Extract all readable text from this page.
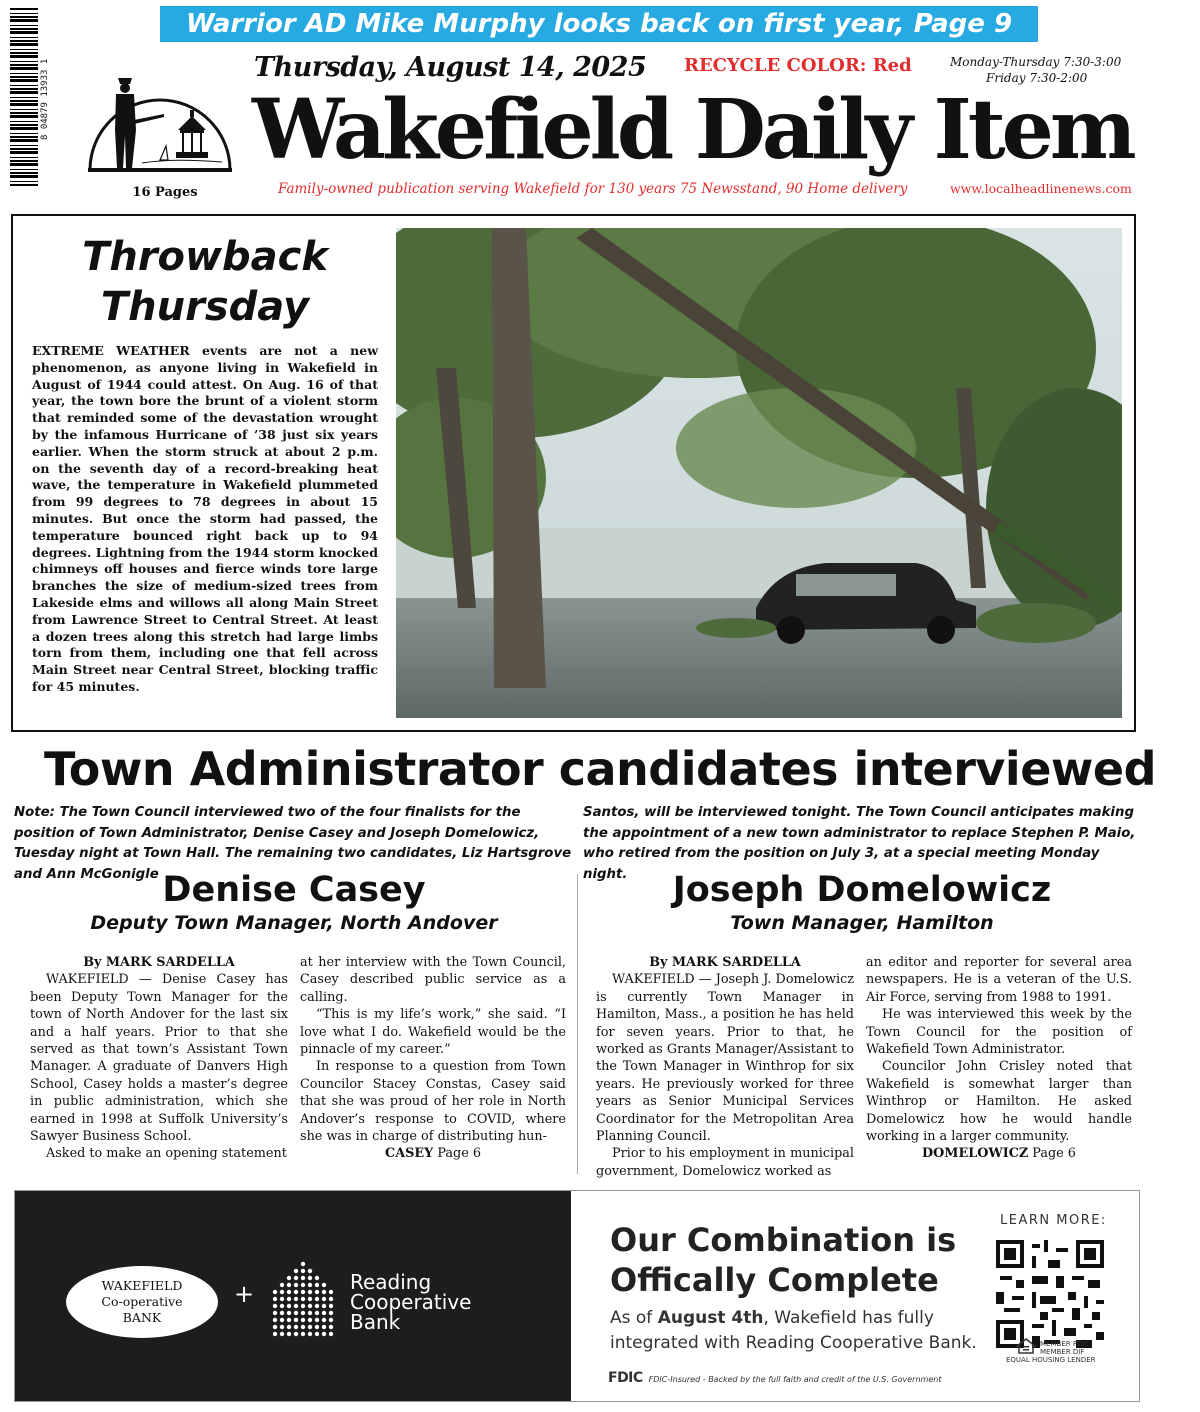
Warrior AD Mike Murphy looks back on first year, Page 9
8 04879 13933 1
16 Pages
Thursday, August 14, 2025 RECYCLE COLOR: Red	Monday-Thursday 7:30-3:00
Friday 7:30-2:00
Wakefield Daily Item
Family-owned publication serving Wakefield for 130 years 75 Newsstand, 90 Home delivery	www.localheadlinenews.com
Throwback
Thursday
EXTREME WEATHER events are not a new phenomenon, as anyone living in Wakefield in August of 1944 could attest. On Aug. 16 of that year, the town bore the brunt of a violent storm that reminded some of the devastation wrought by the infamous Hurricane of ’38 just six years earlier. When the storm struck at about 2 p.m. on the seventh day of a record-breaking heat wave, the temperature in Wakefield plummeted from 99 degrees to 78 degrees in about 15 minutes. But once the storm had passed, the temperature bounced right back up to 94 degrees. Lightning from the 1944 storm knocked chimneys off houses and fierce winds tore large branches the size of medium-sized trees from Lakeside elms and willows all along Main Street from Lawrence Street to Central Street. At least a dozen trees along this stretch had large limbs torn from them, including one that fell across Main Street near Central Street, blocking traffic for 45 minutes.
Town Administrator candidates interviewed
Note: The Town Council interviewed two of the four finalists for the position of Town Administrator, Denise Casey and Joseph Domelowicz, Tuesday night at Town Hall. The remaining two candidates, Liz Hartsgrove and Ann McGonigle
Santos, will be interviewed tonight. The Town Council anticipates making the appointment of a new town administrator to replace Stephen P. Maio, who retired from the position on July 3, at a special meeting Monday night.
Denise Casey
Deputy Town Manager, North Andover
By MARK SARDELLA

WAKEFIELD — Denise Casey has been Deputy Town Manager for the town of North Andover for the last six and a half years. Prior to that she served as that town’s Assistant Town Manager. A graduate of Danvers High School, Casey holds a master’s degree in public administration, which she earned in 1998 at Suffolk University’s Sawyer Business School.

Asked to make an opening statement

at her interview with the Town Council, Casey described public service as a calling.

“This is my life’s work,” she said. “I love what I do. Wakefield would be the pinnacle of my career.”

In response to a question from Town Councilor Stacey Constas, Casey said that she was proud of her role in North Andover’s response to COVID, where she was in charge of distributing hun-

CASEY Page 6
Joseph Domelowicz
Town Manager, Hamilton
By MARK SARDELLA

WAKEFIELD — Joseph J. Domelowicz is currently Town Manager in Hamilton, Mass., a position he has held for seven years. Prior to that, he worked as Grants Manager/Assistant to the Town Manager in Winthrop for six years. He previously worked for three years as Senior Municipal Services Coordinator for the Metropolitan Area Planning Council.

Prior to his employment in municipal government, Domelowicz worked as

an editor and reporter for several area newspapers. He is a veteran of the U.S. Air Force, serving from 1988 to 1991.

He was interviewed this week by the Town Council for the position of Wakefield Town Administrator.

Councilor John Crisley noted that Wakefield is somewhat larger than Winthrop or Hamilton. He asked Domelowicz how he would handle working in a larger community.

DOMELOWICZ Page 6
WAKEFIELD
Co-operative
BANK
+	Reading
Cooperative
Bank
Our Combination is
Offically Complete
As of August 4th, Wakefield has fully
integrated with Reading Cooperative Bank.
LEARN MORE:
FDIC FDIC-Insured - Backed by the full faith and credit of the U.S. Government
EQUAL HOUSING LENDER
MEMBER FDIC
MEMBER DIF
